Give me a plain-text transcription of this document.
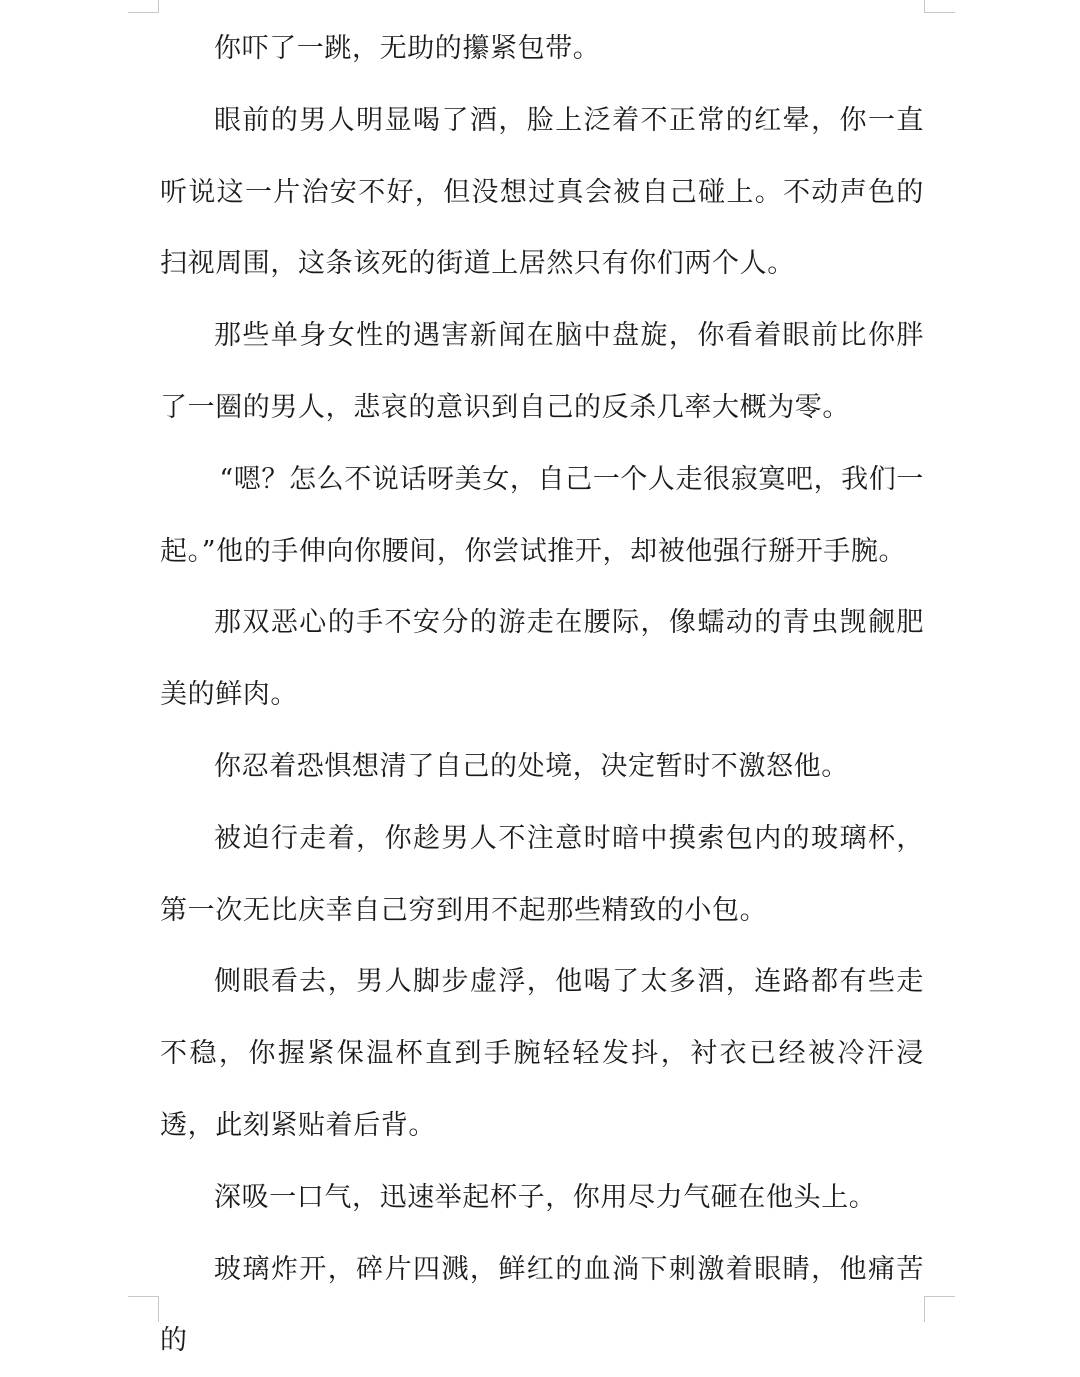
你吓了一跳，无助的攥紧包带。

眼前的男人明显喝了酒，脸上泛着不正常的红晕，你一直听说这一片治安不好，但没想过真会被自己碰上。不动声色的扫视周围，这条该死的街道上居然只有你们两个人。

那些单身女性的遇害新闻在脑中盘旋，你看着眼前比你胖了一圈的男人，悲哀的意识到自己的反杀几率大概为零。

“嗯？怎么不说话呀美女，自己一个人走很寂寞吧，我们一起。”他的手伸向你腰间，你尝试推开，却被他强行掰开手腕。

那双恶心的手不安分的游走在腰际，像蠕动的青虫觊觎肥美的鲜肉。

你忍着恐惧想清了自己的处境，决定暂时不激怒他。

被迫行走着，你趁男人不注意时暗中摸索包内的玻璃杯，第一次无比庆幸自己穷到用不起那些精致的小包。

侧眼看去，男人脚步虚浮，他喝了太多酒，连路都有些走不稳，你握紧保温杯直到手腕轻轻发抖，衬衣已经被冷汗浸透，此刻紧贴着后背。

深吸一口气，迅速举起杯子，你用尽力气砸在他头上。

玻璃炸开，碎片四溅，鲜红的血淌下刺激着眼睛，他痛苦的
